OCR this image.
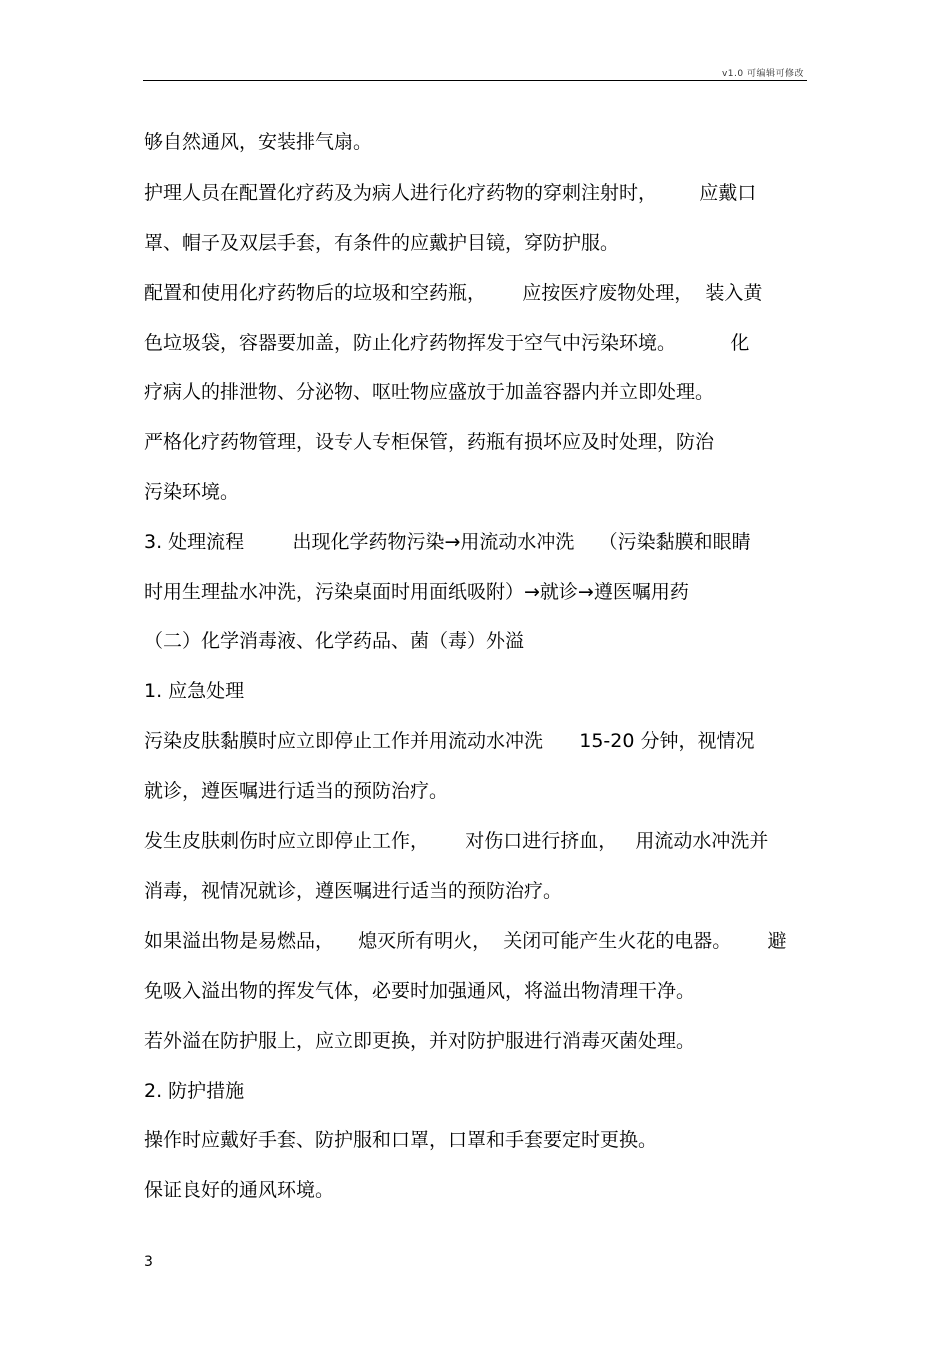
v1.0 可编辑可修改
够自然通风，安装排气扇。
护理人员在配置化疗药及为病人进行化疗药物的穿刺注射时，       应戴口
罩、帽子及双层手套，有条件的应戴护目镜，穿防护服。
配置和使用化疗药物后的垃圾和空药瓶，      应按医疗废物处理，  装入黄
色垃圾袋，容器要加盖，防止化疗药物挥发于空气中污染环境。         化
疗病人的排泄物、分泌物、呕吐物应盛放于加盖容器内并立即处理。
严格化疗药物管理，设专人专柜保管，药瓶有损坏应及时处理，防治
污染环境。
3. 处理流程        出现化学药物污染→用流动水冲洗    （污染黏膜和眼睛
时用生理盐水冲洗，污染桌面时用面纸吸附）→就诊→遵医嘱用药
（二）化学消毒液、化学药品、菌（毒）外溢
1. 应急处理
污染皮肤黏膜时应立即停止工作并用流动水冲洗      15-20 分钟，视情况
就诊，遵医嘱进行适当的预防治疗。
发生皮肤刺伤时应立即停止工作，      对伤口进行挤血，   用流动水冲洗并
消毒，视情况就诊，遵医嘱进行适当的预防治疗。
如果溢出物是易燃品，    熄灭所有明火，  关闭可能产生火花的电器。      避
免吸入溢出物的挥发气体，必要时加强通风，将溢出物清理干净。
若外溢在防护服上，应立即更换，并对防护服进行消毒灭菌处理。
2. 防护措施
操作时应戴好手套、防护服和口罩，口罩和手套要定时更换。
保证良好的通风环境。
3
